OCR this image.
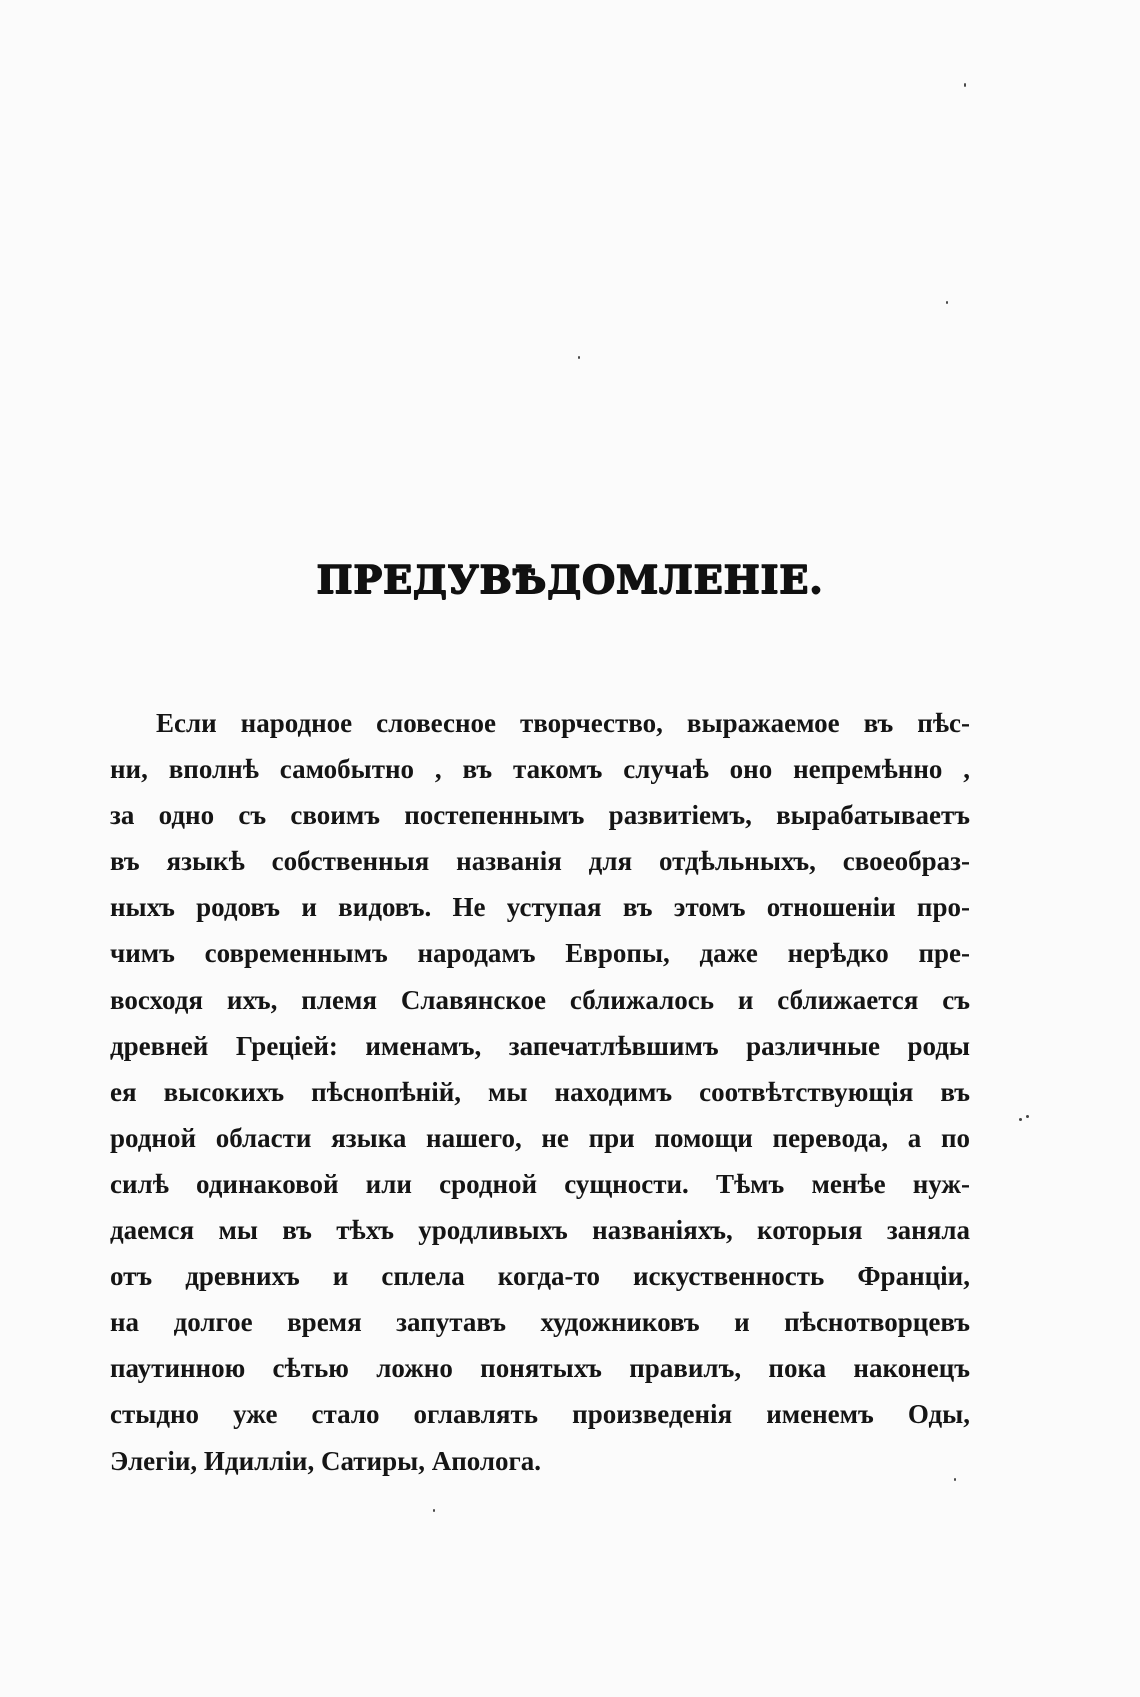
ПРЕДУВѢДОМЛЕНІЕ.
Если народное словесное творчество, выражаемое въ пѣс-
ни, вполнѣ самобытно , въ такомъ случаѣ оно непремѣнно ,
за одно съ своимъ постепеннымъ развитіемъ, вырабатываетъ
въ языкѣ собственныя названія для отдѣльныхъ, своеобраз-
ныхъ родовъ и видовъ. Не уступая въ этомъ отношеніи про-
чимъ современнымъ народамъ Европы, даже нерѣдко пре-
восходя ихъ, племя Славянское сближалось и сближается съ
древней Греціей: именамъ, запечатлѣвшимъ различные роды
ея высокихъ пѣснопѣній, мы находимъ соотвѣтствующія въ
родной области языка нашего, не при помощи перевода, а по
силѣ одинаковой или сродной сущности. Тѣмъ менѣе нуж-
даемся мы въ тѣхъ уродливыхъ названіяхъ, которыя заняла
отъ древнихъ и сплела когда-то искуственность Франціи,
на долгое время запутавъ художниковъ и пѣснотворцевъ
паутинною сѣтью ложно понятыхъ правилъ, пока наконецъ
стыдно уже стало оглавлять произведенія именемъ Оды,
Элегіи, Идилліи, Сатиры, Апологa.
